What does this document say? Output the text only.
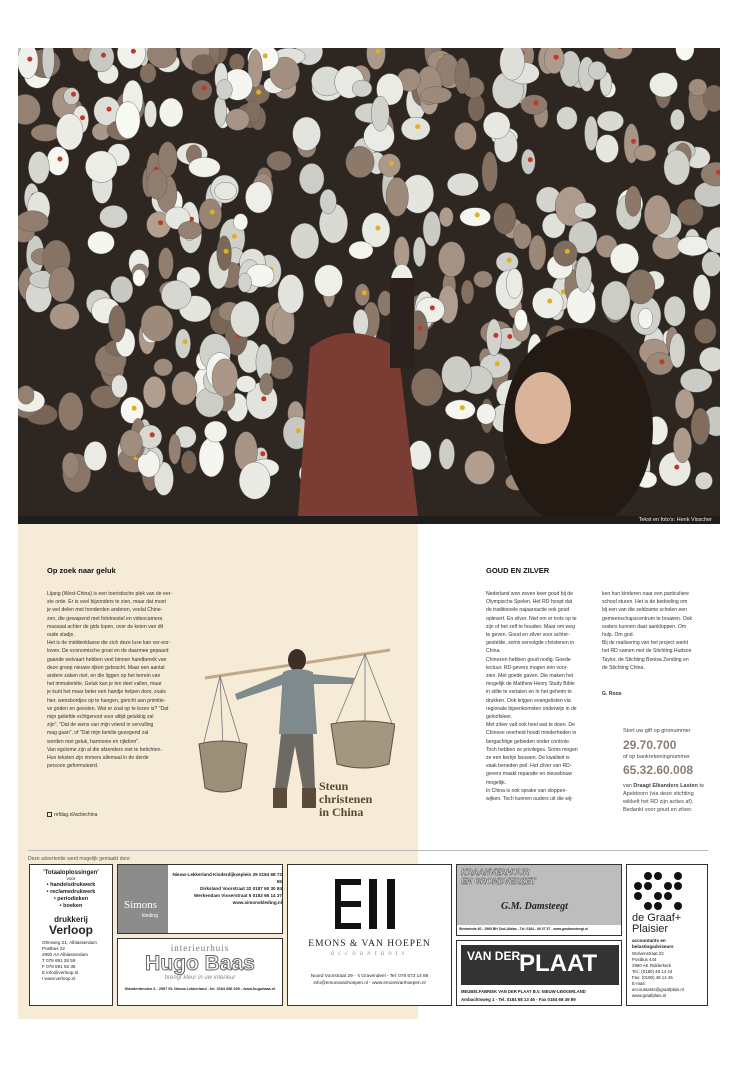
Tekst en foto's: Henk Visscher
Op zoek naar geluk
Lijang (West-China) is een toeristische plek van de eer-
ste orde. Er is veel bijzonders te zien, maar dat moet
je wel delen met honderden anderen, veelal Chine-
zen, die gewapend met fototoestel en videocamera
massaal achter de gids lopen, over de keien van dit
oude stadje.
Het is de middenklasse die zich deze luxe kan ver-oor-
loven. De economische groei en de daarmee gepaard
gaande welvaart hebben veel binnen handbereik van
deze groep nieuwe rijken gebracht. Maar een aantal
andere zaken niet, en die liggen op het terrein van
het immateriële. Geluk kan je ten deel vallen, maar
je kunt het maar beter een handje helpen door, zoals
hier, wensbordjes op te hangen, gericht aan primitie-
ve goden en geesten. Wat er zoal op te lezen is? "Dat
mijn geliefde echtgenoot voor altijd gelukkig zal
zijn", "Dat de wens van mijn vriend in vervulling
mag gaan", of "Dat mijn familie gezegend zal
worden met geluk, harmonie en rijkdom".
Van egoïsme zijn al die afzenders niet te betichten.
Hun teksten zijn immers allemaal in de derde
persoon geformuleerd.
Steun
christenen
in China
refdag.nl/actiechina
GOUD EN ZILVER
Nederland won zeven keer goud bij de
Olympische Spelen. Het RD hoopt dat
de traditionele najaarsactie ook goud
oplevert. En zilver. Niet om er trots op te
zijn of het zelf te houden. Maar om weg
te geven. Goud en zilver voor achter-
gestelde, soms vervolgde christenen in
China.
Chinezen hebben goud nodig. Goede
lectuur. RD-gevers mogen erin voor-
zien. Met goede gaven. Die maken het
mogelijk de Matthew Henry Study Bible
in stilte te vertalen en in het geheim te
drukken. Ook krijgen evangelisten via
regionale bijeenkomsten onderwijs in de
geloofsleer.
Met zilver valt ook heel wat te doen. De
Chinese overheid houdt minderheden in
bergachtige gebieden onder controle.
Toch hebben ze privileges. Soms mogen
ze een kerkje bouwen. De kwaliteit is
vaak beneden peil. Het zilver van RD-
gevers maakt reparatie en nieuwbouw
mogelijk.
In China is ook sprake van sloppen-
wijken. Toch kunnen ouders uit die wij-
ken hun kinderen naar een particuliere
school sturen. Het is de bedoeling om
bij een van die zeldzame scholen een
gemeenschapscentrum te bouwen. Ook
ouders kunnen daar aankloppen. Om
hulp. Om god.
Bij de realisering van het project werkt
het RD samen met de Stichting Hudson
Taylor, de Stichting Bonisa Zending en
de Stichting China.
G. Roos
Stort uw gift op gironummer
29.70.700
of op bankrekeningnummer
65.32.60.008
van Draagt Elkanders Lasten te
Apeldoorn (via deze stichting
wikkelt het RD zijn acties af).
Bedankt voor goud en zilver.
Deze advertentie werd mogelijk gemaakt door:
'Totaaloplossingen'
voor
• handelsdrukwerk
• reclamedrukwerk
• periodieken
• boeken
drukkerij
Verloop
Ohmweg 21, Alblasserdam
Postbus 22
2950 AA Alblasserdam
T 078 691 28 59
F 078 691 92 36
E info@verloop.nl
I www.verloop.nl
Simons
kleding
Nieuw-Lekkerland Kinderdijkseplein 29 0184 68 73 55
Dirksland Voorstraat 32 0187 60 30 84
Werkendam Visserstraat 5 0183 66 14 37
www.simonskleding.nl
interieurhuis
Hugo Baas
brengt kleur in uw interieur
Standerdmolen 6 - 2957 EL Nieuw-Lekkerland - tel. 0184 686 690 - www.hugobaas.nl
EMONS & VAN HOEPEN
accountants
Noord Voorstraat 29 - 's Gravendeel - Tel: 078 673 14 88
info@emonsvanhoepen.nl - www.emonsvanhoepen.nl
KRAANVERHUUR
EN GRONDVERZET
G.M. Damsteegt
Westwinde 60 - 2969 BH Oud-Alblas - Tel: 0184 - 69 37 57 - www.gmdamsteegt.nl
VAN DER
PLAAT
MEUBELFABRIEK VAN DER PLAAT B.V. NIEUW-LEKKERLAND
Ambachtsweg 1 - Tel. 0184 68 13 46 - Fax 0184 68 49 89
de Graaf+
Plaisier
accountants en
belastingadviseurs
Wolvenstraat 22
Postbus 444
2960 AK Ridderkerk
Tel.: (0180) 48 14 44
Fax: (0180) 48 14 45
E-mail:
accountants@graafplais.nl
www.graafplais.nl
